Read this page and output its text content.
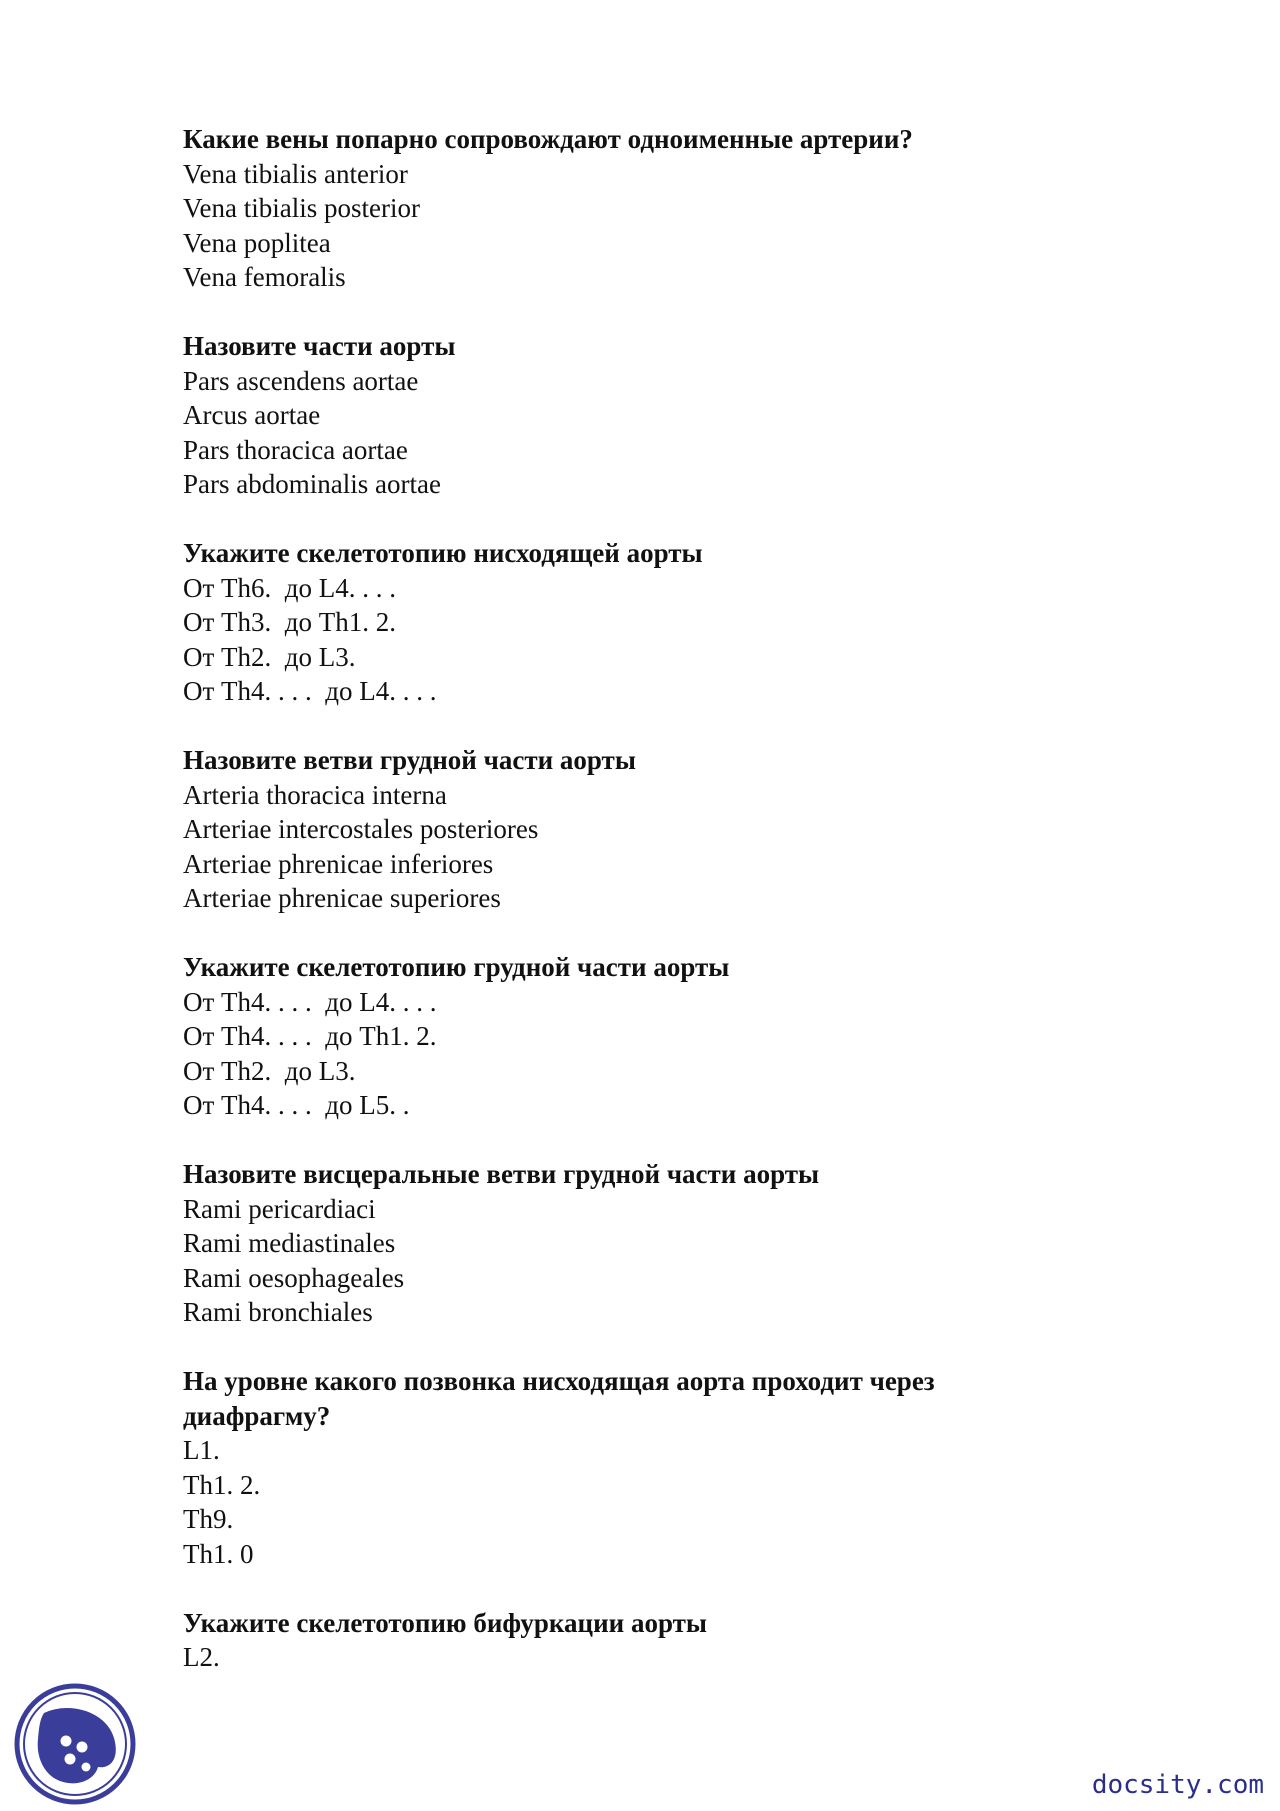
Какие вены попарно сопровождают одноименные артерии?

Vena tibialis anterior
Vena tibialis posterior
Vena poplitea
Vena femoralis

Назовите части аорты

Pars ascendens aortae
Arcus aortae
Pars thoracica aortae
Pars abdominalis aortae

Укажите скелетотопию нисходящей аорты

От Th6.  до L4. . . .
От Th3.  до Th1. 2.
От Th2.  до L3.
От Th4. . . .  до L4. . . .

Назовите ветви грудной части аорты

Arteria thoracica interna
Arteriae intercostales posteriores
Arteriae phrenicae inferiores
Arteriae phrenicae superiores

Укажите скелетотопию грудной части аорты

От Th4. . . .  до L4. . . .
От Th4. . . .  до Th1. 2.
От Th2.  до L3.
От Th4. . . .  до L5. .

Назовите висцеральные ветви грудной части аорты

Rami pericardiaci
Rami mediastinales
Rami oesophageales
Rami bronchiales

На уровне какого позвонка нисходящая аорта проходит через диафрагму?

L1.
Th1. 2.
Th9.
Th1. 0

Укажите скелетотопию бифуркации аорты

L2.
docsity.com
